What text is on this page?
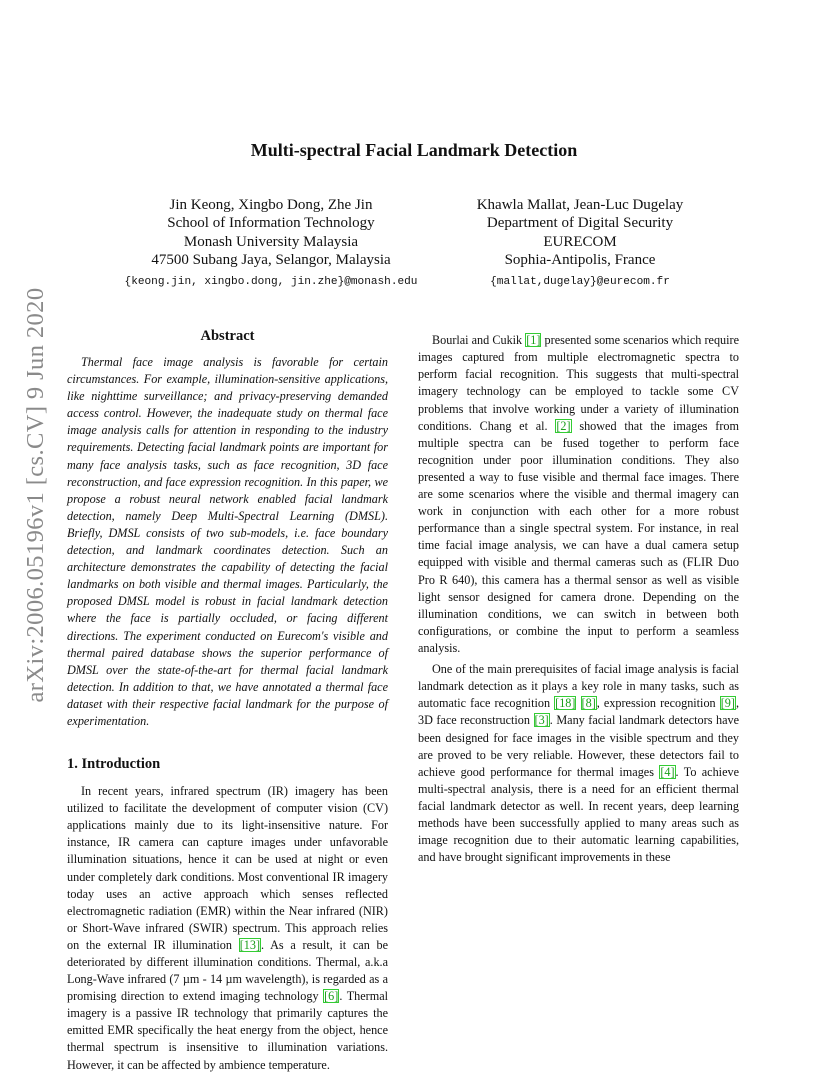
arXiv:2006.05196v1 [cs.CV] 9 Jun 2020
Multi-spectral Facial Landmark Detection
Jin Keong, Xingbo Dong, Zhe Jin
School of Information Technology
Monash University Malaysia
47500 Subang Jaya, Selangor, Malaysia
{keong.jin, xingbo.dong, jin.zhe}@monash.edu
Khawla Mallat, Jean-Luc Dugelay
Department of Digital Security
EURECOM
Sophia-Antipolis, France
{mallat,dugelay}@eurecom.fr
Abstract

Thermal face image analysis is favorable for certain circumstances. For example, illumination-sensitive applications, like nighttime surveillance; and privacy-preserving demanded access control. However, the inadequate study on thermal face image analysis calls for attention in responding to the industry requirements. Detecting facial landmark points are important for many face analysis tasks, such as face recognition, 3D face reconstruction, and face expression recognition. In this paper, we propose a robust neural network enabled facial landmark detection, namely Deep Multi-Spectral Learning (DMSL). Briefly, DMSL consists of two sub-models, i.e. face boundary detection, and landmark coordinates detection. Such an architecture demonstrates the capability of detecting the facial landmarks on both visible and thermal images. Particularly, the proposed DMSL model is robust in facial landmark detection where the face is partially occluded, or facing different directions. The experiment conducted on Eurecom's visible and thermal paired database shows the superior performance of DMSL over the state-of-the-art for thermal facial landmark detection. In addition to that, we have annotated a thermal face dataset with their respective facial landmark for the purpose of experimentation.

1. Introduction

In recent years, infrared spectrum (IR) imagery has been utilized to facilitate the development of computer vision (CV) applications mainly due to its light-insensitive nature. For instance, IR camera can capture images under unfavorable illumination situations, hence it can be used at night or even under completely dark conditions. Most conventional IR imagery today uses an active approach which senses reflected electromagnetic radiation (EMR) within the Near infrared (NIR) or Short-Wave infrared (SWIR) spectrum. This approach relies on the external IR illumination [13]. As a result, it can be deteriorated by different illumination conditions. Thermal, a.k.a Long-Wave infrared (7 µm - 14 µm wavelength), is regarded as a promising direction to extend imaging technology [6]. Thermal imagery is a passive IR technology that primarily captures the emitted EMR specifically the heat energy from the object, hence thermal spectrum is insensitive to illumination variations. However, it can be affected by ambience temperature.

Bourlai and Cukik [1] presented some scenarios which require images captured from multiple electromagnetic spectra to perform facial recognition. This suggests that multi-spectral imagery technology can be employed to tackle some CV problems that involve working under a variety of illumination conditions. Chang et al. [2] showed that the images from multiple spectra can be fused together to perform face recognition under poor illumination conditions. They also presented a way to fuse visible and thermal face images. There are some scenarios where the visible and thermal imagery can work in conjunction with each other for a more robust performance than a single spectral system. For instance, in real time facial image analysis, we can have a dual camera setup equipped with visible and thermal cameras such as (FLIR Duo Pro R 640), this camera has a thermal sensor as well as visible light sensor designed for camera drone. Depending on the illumination conditions, we can switch in between both configurations, or combine the input to perform a seamless analysis.

One of the main prerequisites of facial image analysis is facial landmark detection as it plays a key role in many tasks, such as automatic face recognition [18] [8], expression recognition [9], 3D face reconstruction [3]. Many facial landmark detectors have been designed for face images in the visible spectrum and they are proved to be very reliable. However, these detectors fail to achieve good performance for thermal images [4]. To achieve multi-spectral analysis, there is a need for an efficient thermal facial landmark detector as well. In recent years, deep learning methods have been successfully applied to many areas such as image recognition due to their automatic learning capabilities, and have brought significant improvements in these
